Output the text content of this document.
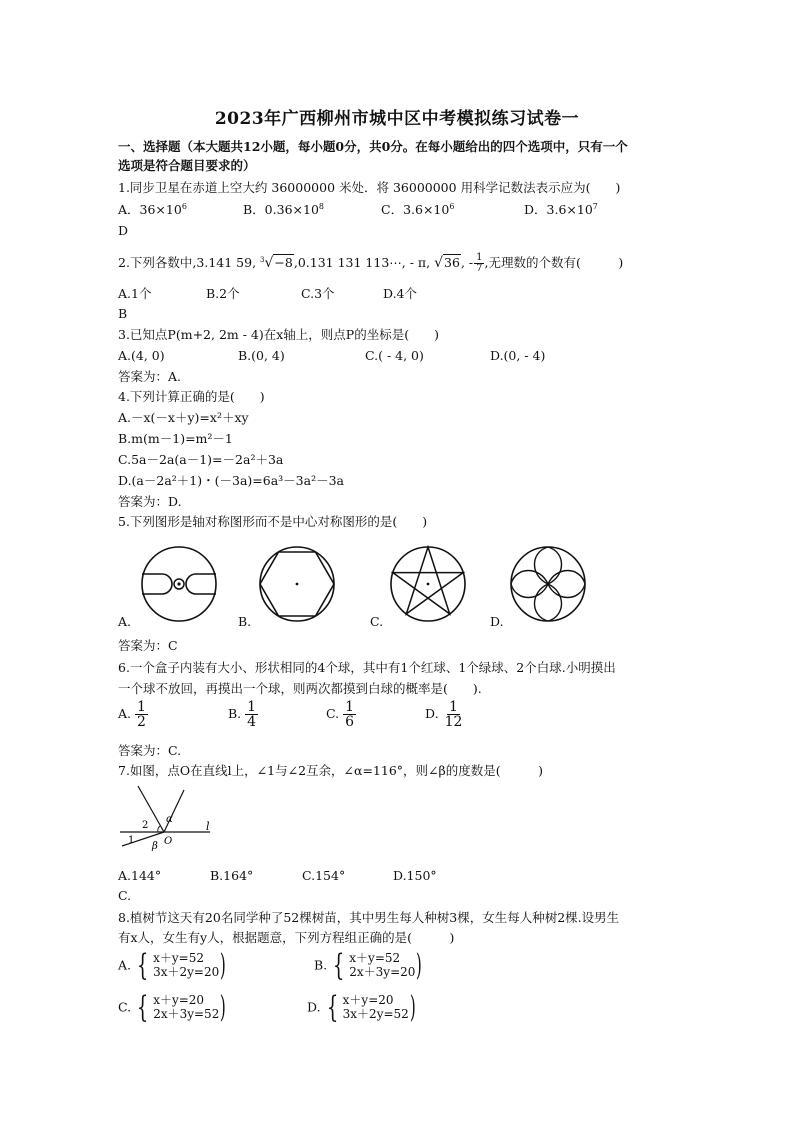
2023年广西柳州市城中区中考模拟练习试卷一
一、选择题（本大题共12小题，每小题0分，共0分。在每小题给出的四个选项中，只有一个
选项是符合题目要求的）
1.同步卫星在赤道上空大约 36000000 米处．将 36000000 用科学记数法表示应为(　　)
A．$36\times 10^6$	B．$0.36\times 10^8$	C．$3.6\times 10^6$	D．$3.6\times 10^7$
D
2.下列各数中,3.141 59, $^3$√−8,0.131 131 113⋯, - π, √36, - $\frac{1}{7}$ ,无理数的个数有(　　　)
A.1个	B.2个	C.3个	D.4个
B
3.已知点P(m+2, 2m - 4)在x轴上，则点P的坐标是(　　)
A.(4, 0)	B.(0, 4)	C.( - 4, 0)	D.(0, - 4)
答案为：A.
4.下列计算正确的是(　　)
A.－x(－x＋y)=x²＋xy
B.m(m－1)=m²－1
C.5a－2a(a－1)=－2a²＋3a
D.(a－2a²＋1)・(－3a)=6a³－3a²－3a
答案为：D.
5.下列图形是轴对称图形而不是中心对称图形的是(　　)
A.	B.	C.	D.
答案为：C
6.一个盒子内装有大小、形状相同的4个球，其中有1个红球、1个绿球、2个白球.小明摸出
一个球不放回，再摸出一个球，则两次都摸到白球的概率是(　　).
A. $\frac{1}{2}$	B. $\frac{1}{4}$	C. $\frac{1}{6}$	D. $\frac{1}{12}$
答案为：C.
7.如图，点O在直线l上，∠1与∠2互余，∠α=116°，则∠β的度数是(　　　)
l
α
2
1
β O
A.144°	B.164°	C.154°	D.150°
C.
8.植树节这天有20名同学种了52棵树苗，其中男生每人种树3棵，女生每人种树2棵.设男生
有x人，女生有y人，根据题意，下列方程组正确的是(　　　)
A. { x＋y=52
3x＋2y=20 )	B. { x＋y=52
2x＋3y=20 )
C. { x＋y=20
2x＋3y=52 )	D. { x＋y=20
3x＋2y=52 )
